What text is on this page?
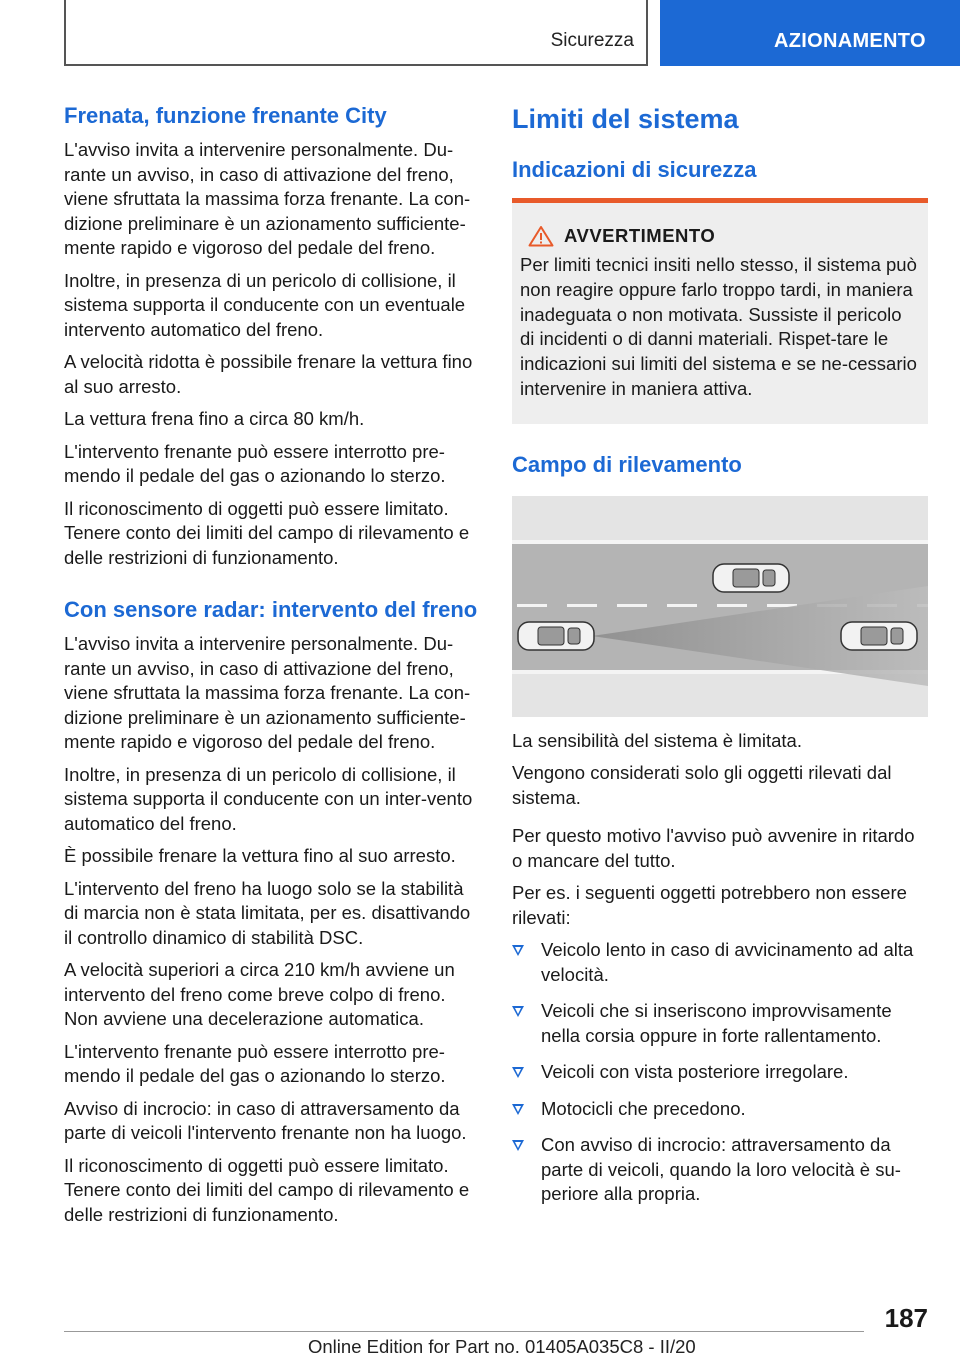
Sicurezza	AZIONAMENTO
Frenata, funzione frenante City

L'avviso invita a intervenire personalmente. Du-rante un avviso, in caso di attivazione del freno, viene sfruttata la massima forza frenante. La con-dizione preliminare è un azionamento sufficiente-mente rapido e vigoroso del pedale del freno.

Inoltre, in presenza di un pericolo di collisione, il sistema supporta il conducente con un eventuale intervento automatico del freno.

A velocità ridotta è possibile frenare la vettura fino al suo arresto.

La vettura frena fino a circa 80 km/h.

L'intervento frenante può essere interrotto pre-mendo il pedale del gas o azionando lo sterzo.

Il riconoscimento di oggetti può essere limitato. Tenere conto dei limiti del campo di rilevamento e delle restrizioni di funzionamento.

Con sensore radar: intervento del freno

L'avviso invita a intervenire personalmente. Du-rante un avviso, in caso di attivazione del freno, viene sfruttata la massima forza frenante. La con-dizione preliminare è un azionamento sufficiente-mente rapido e vigoroso del pedale del freno.

Inoltre, in presenza di un pericolo di collisione, il sistema supporta il conducente con un inter-vento automatico del freno.

È possibile frenare la vettura fino al suo arresto.

L'intervento del freno ha luogo solo se la stabilità di marcia non è stata limitata, per es. disattivando il controllo dinamico di stabilità DSC.

A velocità superiori a circa 210 km/h avviene un intervento del freno come breve colpo di freno. Non avviene una decelerazione automatica.

L'intervento frenante può essere interrotto pre-mendo il pedale del gas o azionando lo sterzo.

Avviso di incrocio: in caso di attraversamento da parte di veicoli l'intervento frenante non ha luogo.

Il riconoscimento di oggetti può essere limitato. Tenere conto dei limiti del campo di rilevamento e delle restrizioni di funzionamento.

Limiti del sistema
Indicazioni di sicurezza
AVVERTIMENTO

Per limiti tecnici insiti nello stesso, il sistema può non reagire oppure farlo troppo tardi, in maniera inadeguata o non motivata. Sussiste il pericolo di incidenti o di danni materiali. Rispet-tare le indicazioni sui limiti del sistema e se ne-cessario intervenire in maniera attiva.

Campo di rilevamento

La sensibilità del sistema è limitata.

Vengono considerati solo gli oggetti rilevati dal sistema.

Per questo motivo l'avviso può avvenire in ritardo o mancare del tutto.

Per es. i seguenti oggetti potrebbero non essere rilevati:

Veicolo lento in caso di avvicinamento ad alta velocità.
Veicoli che si inseriscono improvvisamente nella corsia oppure in forte rallentamento.
Veicoli con vista posteriore irregolare.
Motocicli che precedono.
Con avviso di incrocio: attraversamento da parte di veicoli, quando la loro velocità è su-periore alla propria.
187
Online Edition for Part no. 01405A035C8 - II/20
